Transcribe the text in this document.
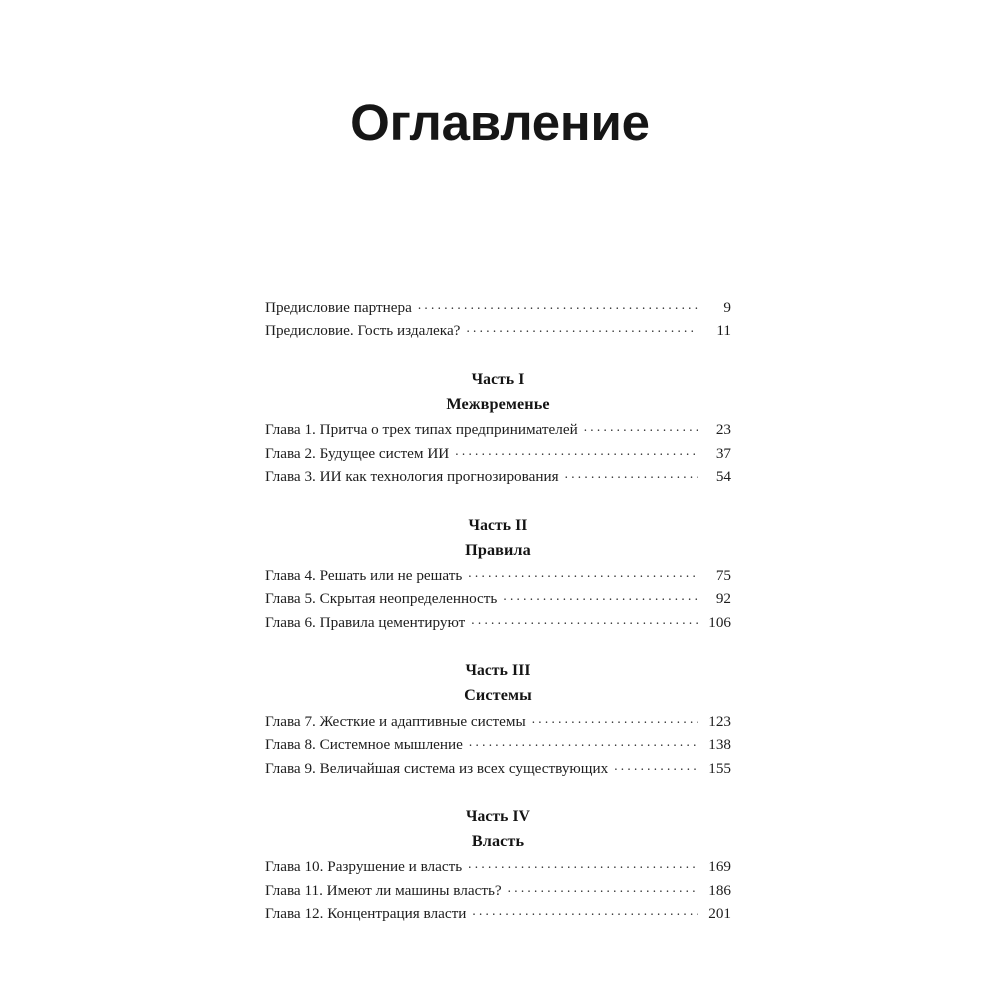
Оглавление
Предисловие партнера . . .	9
Предисловие. Гость издалека? . . .	11
Часть I
Межвременье
Глава 1. Притча о трех типах предпринимателей . . .	23
Глава 2. Будущее систем ИИ . . .	37
Глава 3. ИИ как технология прогнозирования . . .	54
Часть II
Правила
Глава 4. Решать или не решать . . .	75
Глава 5. Скрытая неопределенность . . .	92
Глава 6. Правила цементируют . . .	106
Часть III
Системы
Глава 7. Жесткие и адаптивные системы . . .	123
Глава 8. Системное мышление . . .	138
Глава 9. Величайшая система из всех существующих . . .	155
Часть IV
Власть
Глава 10. Разрушение и власть . . .	169
Глава 11. Имеют ли машины власть? . . .	186
Глава 12. Концентрация власти . . .	201
